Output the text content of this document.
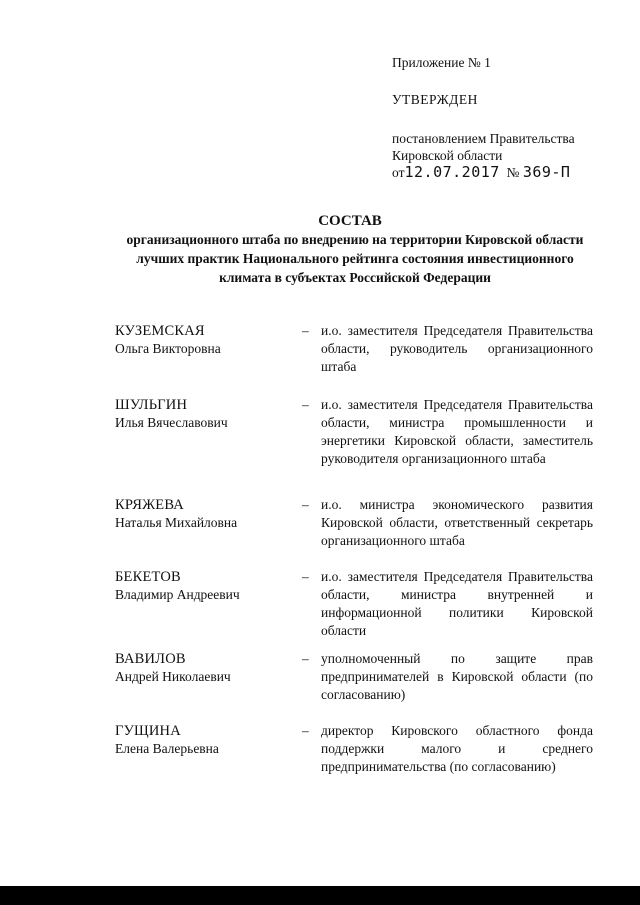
Приложение № 1

УТВЕРЖДЕН

постановлением Правительства
Кировской области
от12.07.2017 № 369-П

СОСТАВ

организационного штаба по внедрению на территории Кировской области лучших практик Национального рейтинга состояния инвестиционного климата в субъектах Российской Федерации

КУЗЕМСКАЯ
Ольга Викторовна
– и.о. заместителя Председателя Правительства области, руководитель организационного штаба
ШУЛЬГИН
Илья Вячеславович
– и.о. заместителя Председателя Правительства области, министра промышленности и энергетики Кировской области, заместитель руководителя организационного штаба
КРЯЖЕВА
Наталья Михайловна
– и.о. министра экономического развития Кировской области, ответственный секретарь организационного штаба
БЕКЕТОВ
Владимир Андреевич
– и.о. заместителя Председателя Правительства области, министра внутренней и информационной политики Кировской области
ВАВИЛОВ
Андрей Николаевич
– уполномоченный по защите прав предпринимателей в Кировской области (по согласованию)
ГУЩИНА
Елена Валерьевна
– директор Кировского областного фонда поддержки малого и среднего предпринимательства (по согласованию)
